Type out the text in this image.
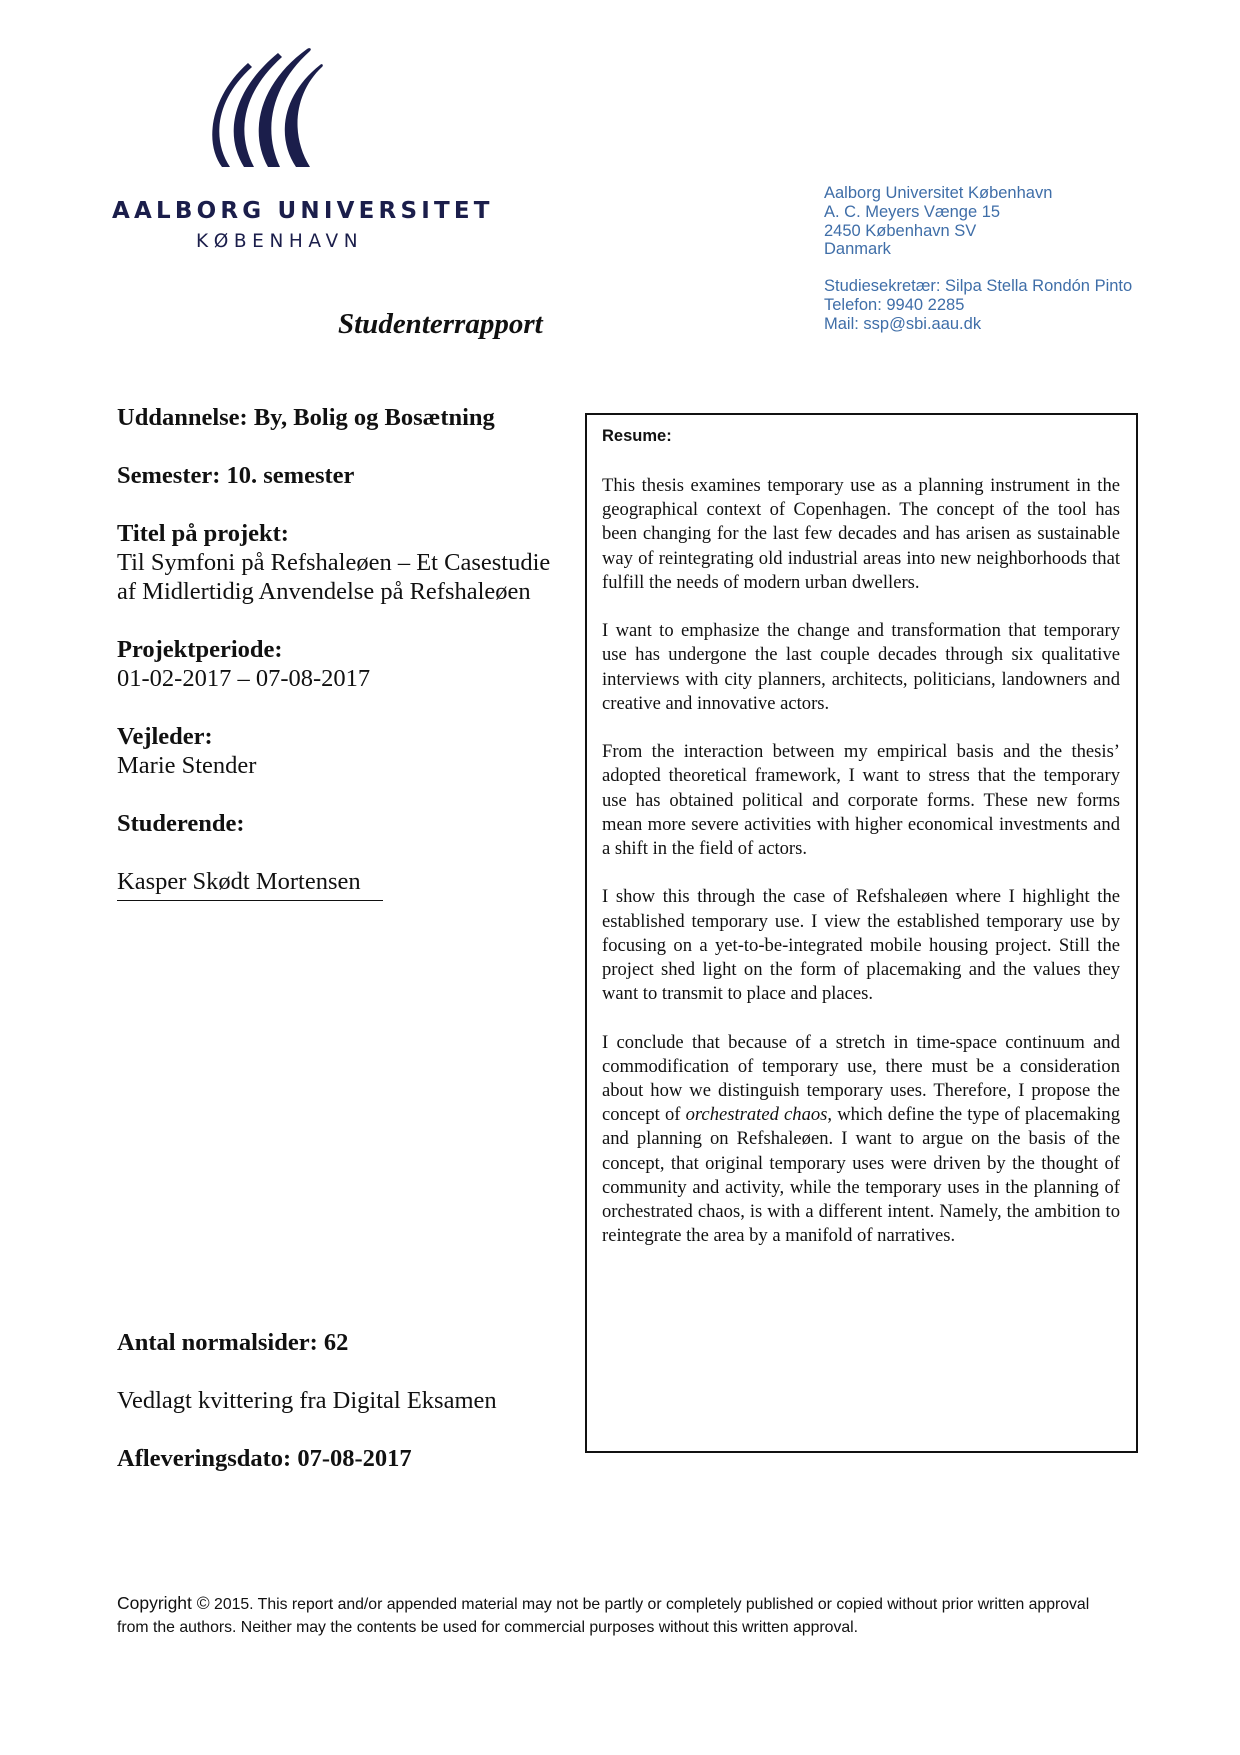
AALBORG UNIVERSITET
KØBENHAVN
Aalborg Universitet København
A. C. Meyers Vænge 15
2450 København SV
Danmark
Studiesekretær: Silpa Stella Rondón Pinto
Telefon: 9940 2285
Mail: ssp@sbi.aau.dk
Studenterrapport
Uddannelse: By, Bolig og Bosætning
Semester: 10. semester
Titel på projekt:
Til Symfoni på Refshaleøen – Et Casestudie af Midlertidig Anvendelse på Refshaleøen
Projektperiode:
01-02-2017 – 07-08-2017
Vejleder:
Marie Stender
Studerende:
Kasper Skødt Mortensen
Antal normalsider: 62
Vedlagt kvittering fra Digital Eksamen
Afleveringsdato: 07-08-2017
Resume:

This thesis examines temporary use as a planning instrument in the geographical context of Copenhagen. The concept of the tool has been changing for the last few decades and has arisen as sustainable way of reintegrating old industrial areas into new neighborhoods that fulfill the needs of modern urban dwellers.

I want to emphasize the change and transformation that temporary use has undergone the last couple decades through six qualitative interviews with city planners, architects, politicians, landowners and creative and innovative actors.

From the interaction between my empirical basis and the thesis’ adopted theoretical framework, I want to stress that the temporary use has obtained political and corporate forms. These new forms mean more severe activities with higher economical investments and a shift in the field of actors.

I show this through the case of Refshaleøen where I highlight the established temporary use. I view the established temporary use by focusing on a yet-to-be-integrated mobile housing project. Still the project shed light on the form of placemaking and the values they want to transmit to place and places.

I conclude that because of a stretch in time-space continuum and commodification of temporary use, there must be a consideration about how we distinguish temporary uses. Therefore, I propose the concept of orchestrated chaos, which define the type of placemaking and planning on Refshaleøen. I want to argue on the basis of the concept, that original temporary uses were driven by the thought of community and activity, while the temporary uses in the planning of orchestrated chaos, is with a different intent. Namely, the ambition to reintegrate the area by a manifold of narratives.

Copyright © 2015. This report and/or appended material may not be partly or completely published or copied without prior written approval from the authors. Neither may the contents be used for commercial purposes without this written approval.
